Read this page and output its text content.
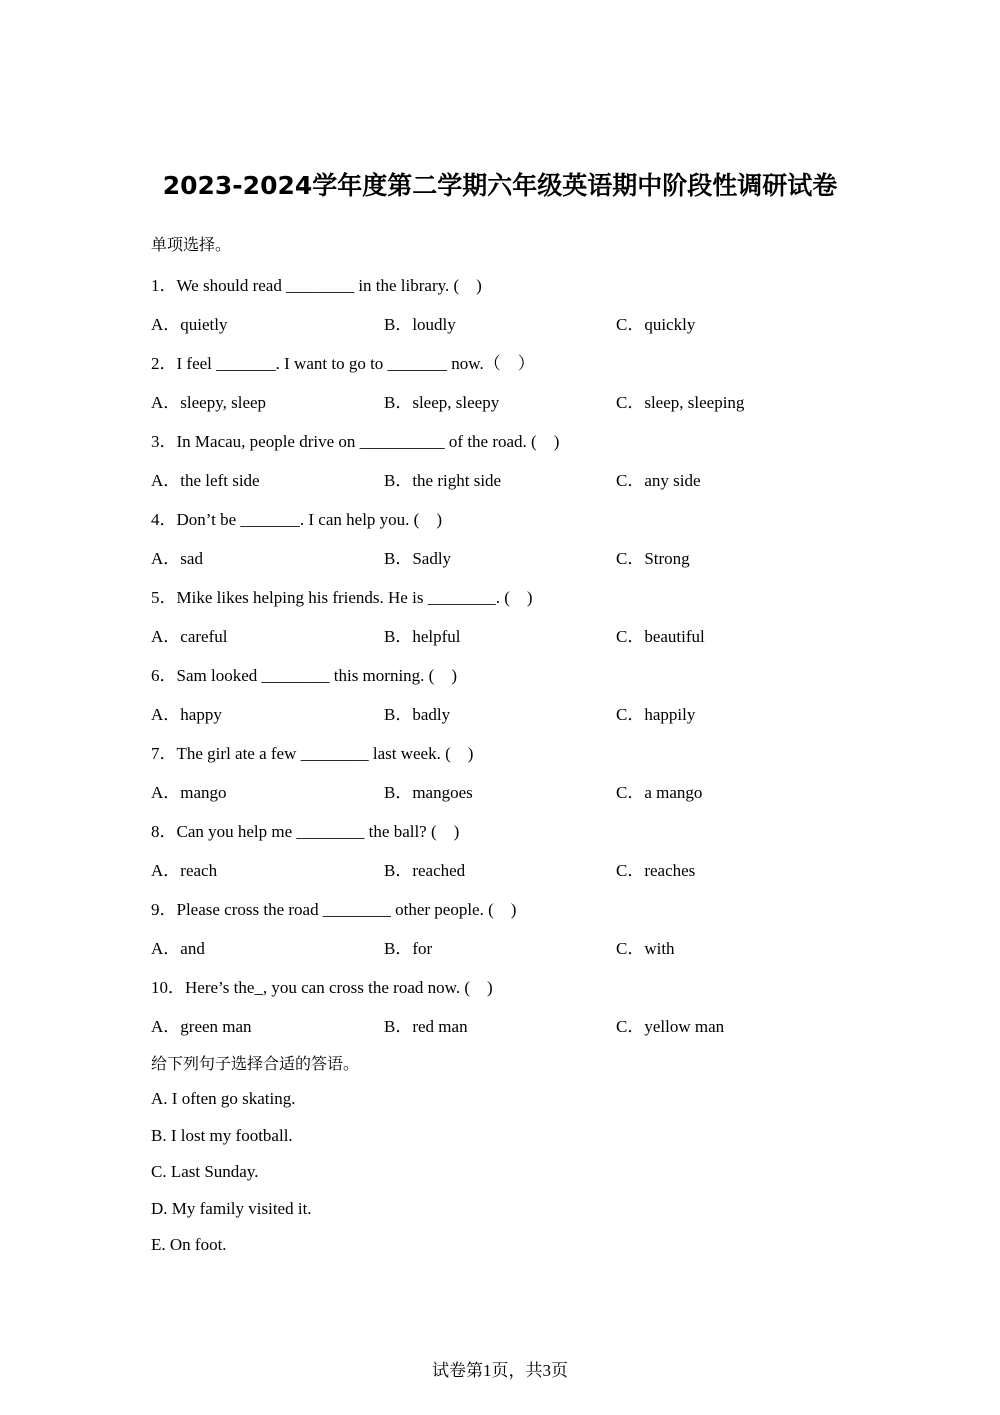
2023-2024学年度第二学期六年级英语期中阶段性调研试卷
单项选择。
1．We should read ________ in the library. (　)
A．quietly	B．loudly	C．quickly
2．I feel _______. I want to go to _______ now.（　）
A．sleepy, sleep	B．sleep, sleepy	C．sleep, sleeping
3．In Macau, people drive on __________ of the road. (　)
A．the left side	B．the right side	C．any side
4．Don’t be _______. I can help you. (　)
A．sad	B．Sadly	C．Strong
5．Mike likes helping his friends. He is ________. (　)
A．careful	B．helpful	C．beautiful
6．Sam looked ________ this morning. (　)
A．happy	B．badly	C．happily
7．The girl ate a few ________ last week. (　)
A．mango	B．mangoes	C．a mango
8．Can you help me ________ the ball? (　)
A．reach	B．reached	C．reaches
9．Please cross the road ________ other people. (　)
A．and	B．for	C．with
10．Here’s the_, you can cross the road now. (　)
A．green man	B．red man	C．yellow man
给下列句子选择合适的答语。
A. I often go skating.
B. I lost my football.
C. Last Sunday.
D. My family visited it.
E. On foot.
试卷第1页，共3页
